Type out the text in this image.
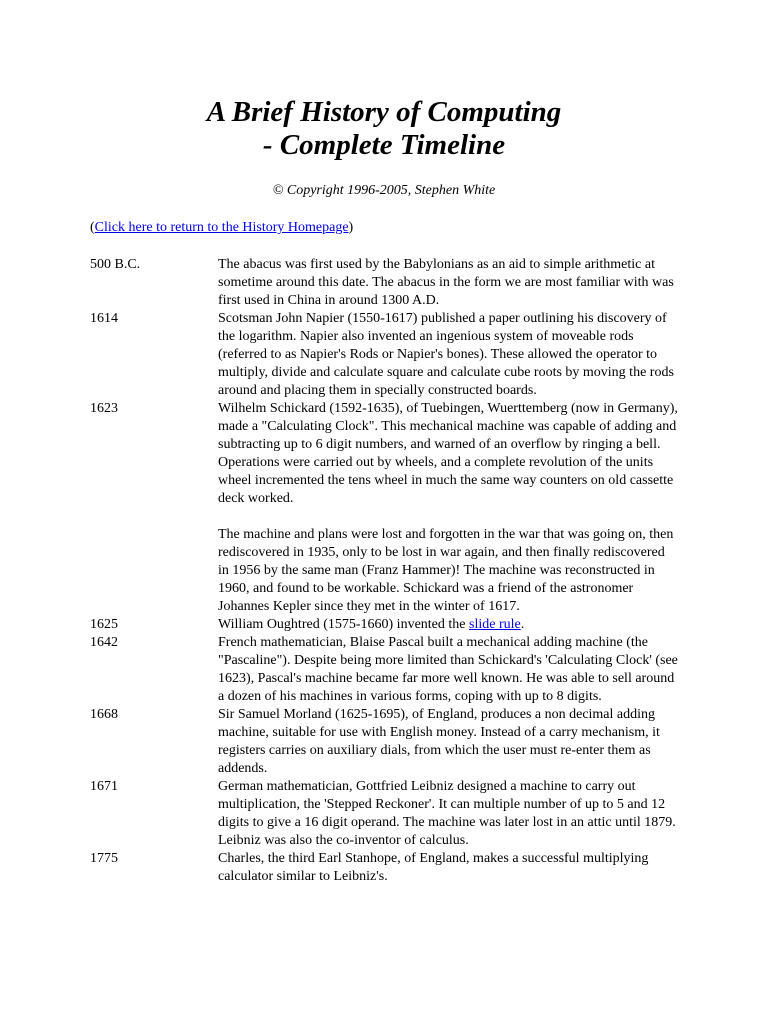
A Brief History of Computing
- Complete Timeline

© Copyright 1996-2005, Stephen White

(Click here to return to the History Homepage)

500 B.C.	The abacus was first used by the Babylonians as an aid to simple arithmetic at sometime around this date. The abacus in the form we are most familiar with was first used in China in around 1300 A.D.

1614	Scotsman John Napier (1550-1617) published a paper outlining his discovery of the logarithm. Napier also invented an ingenious system of moveable rods (referred to as Napier's Rods or Napier's bones). These allowed the operator to multiply, divide and calculate square and calculate cube roots by moving the rods around and placing them in specially constructed boards.

1623	Wilhelm Schickard (1592-1635), of Tuebingen, Wuerttemberg (now in Germany), made a "Calculating Clock". This mechanical machine was capable of adding and subtracting up to 6 digit numbers, and warned of an overflow by ringing a bell. Operations were carried out by wheels, and a complete revolution of the units wheel incremented the tens wheel in much the same way counters on old cassette deck worked.

The machine and plans were lost and forgotten in the war that was going on, then rediscovered in 1935, only to be lost in war again, and then finally rediscovered in 1956 by the same man (Franz Hammer)! The machine was reconstructed in 1960, and found to be workable. Schickard was a friend of the astronomer Johannes Kepler since they met in the winter of 1617.

1625	William Oughtred (1575-1660) invented the slide rule.

1642	French mathematician, Blaise Pascal built a mechanical adding machine (the "Pascaline"). Despite being more limited than Schickard's 'Calculating Clock' (see 1623), Pascal's machine became far more well known. He was able to sell around a dozen of his machines in various forms, coping with up to 8 digits.

1668	Sir Samuel Morland (1625-1695), of England, produces a non decimal adding machine, suitable for use with English money. Instead of a carry mechanism, it registers carries on auxiliary dials, from which the user must re-enter them as addends.

1671	German mathematician, Gottfried Leibniz designed a machine to carry out multiplication, the 'Stepped Reckoner'. It can multiple number of up to 5 and 12 digits to give a 16 digit operand. The machine was later lost in an attic until 1879. Leibniz was also the co-inventor of calculus.

1775	Charles, the third Earl Stanhope, of England, makes a successful multiplying calculator similar to Leibniz's.
